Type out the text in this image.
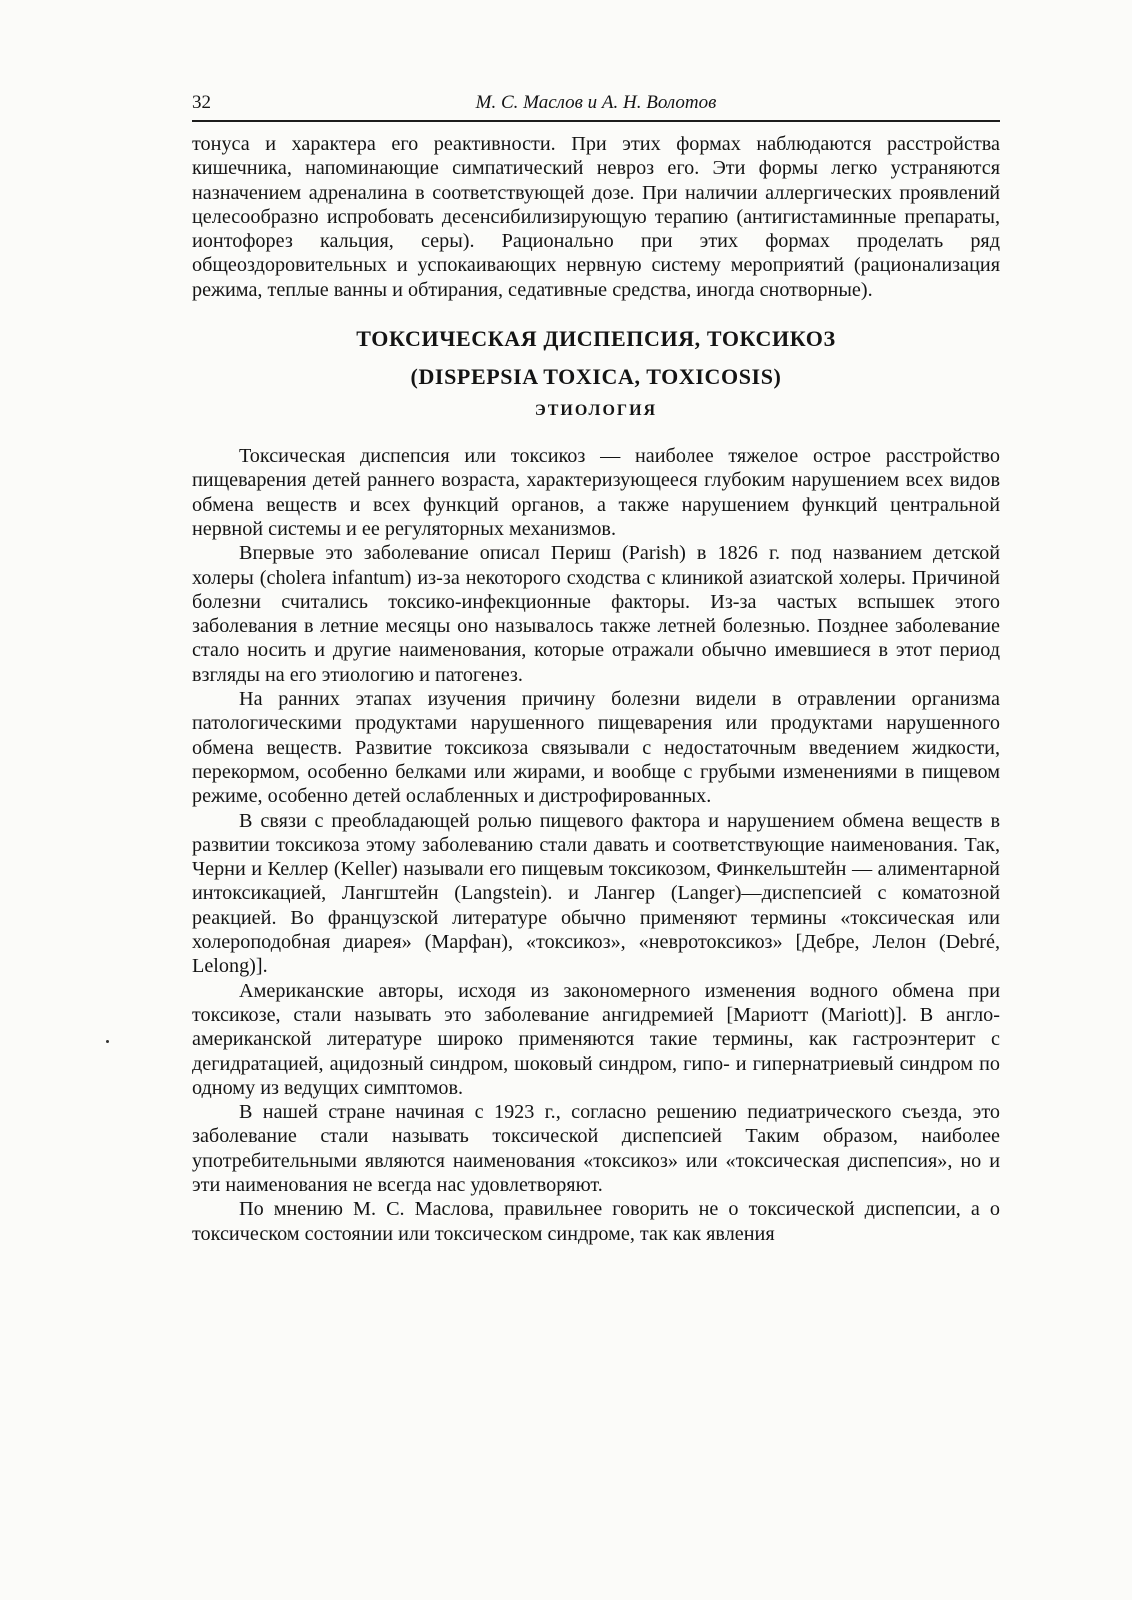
32	М. С. Маслов и А. Н. Волотов

тонуса и характера его реактивности. При этих формах наблюдаются расстройства кишечника, напоминающие симпатический невроз его. Эти формы легко устраняются назначением адреналина в соответствующей дозе. При наличии аллергических проявлений целесообразно испробовать десенсибилизирующую терапию (антигистаминные препараты, ионтофорез кальция, серы). Рационально при этих формах проделать ряд общеоздоровительных и успокаивающих нервную систему мероприятий (рационализация режима, теплые ванны и обтирания, седативные средства, иногда снотворные).

ТОКСИЧЕСКАЯ ДИСПЕПСИЯ, ТОКСИКОЗ
(DISPEPSIA TOXICA, TOXICOSIS)
ЭТИОЛОГИЯ

Токсическая диспепсия или токсикоз — наиболее тяжелое острое расстройство пищеварения детей раннего возраста, характеризующееся глубоким нарушением всех видов обмена веществ и всех функций органов, а также нарушением функций центральной нервной системы и ее регуляторных механизмов.

Впервые это заболевание описал Периш (Parish) в 1826 г. под названием детской холеры (cholera infantum) из-за некоторого сходства с клиникой азиатской холеры. Причиной болезни считались токсико-инфекционные факторы. Из-за частых вспышек этого заболевания в летние месяцы оно называлось также летней болезнью. Позднее заболевание стало носить и другие наименования, которые отражали обычно имевшиеся в этот период взгляды на его этиологию и патогенез.

На ранних этапах изучения причину болезни видели в отравлении организма патологическими продуктами нарушенного пищеварения или продуктами нарушенного обмена веществ. Развитие токсикоза связывали с недостаточным введением жидкости, перекормом, особенно белками или жирами, и вообще с грубыми изменениями в пищевом режиме, особенно детей ослабленных и дистрофированных.

В связи с преобладающей ролью пищевого фактора и нарушением обмена веществ в развитии токсикоза этому заболеванию стали давать и соответствующие наименования. Так, Черни и Келлер (Keller) называли его пищевым токсикозом, Финкельштейн — алиментарной интоксикацией, Лангштейн (Langstein). и Лангер (Langer)—диспепсией с коматозной реакцией. Во французской литературе обычно применяют термины «токсическая или холероподобная диарея» (Марфан), «токсикоз», «невротоксикоз» [Дебре, Лелон (Debré, Lelong)].

Американские авторы, исходя из закономерного изменения водного обмена при токсикозе, стали называть это заболевание ангидремией [Мариотт (Mariott)]. В англо-американской литературе широко применяются такие термины, как гастроэнтерит с дегидратацией, ацидозный синдром, шоковый синдром, гипо- и гипернатриевый синдром по одному из ведущих симптомов.

В нашей стране начиная с 1923 г., согласно решению педиатрического съезда, это заболевание стали называть токсической диспепсией Таким образом, наиболее употребительными являются наименования «токсикоз» или «токсическая диспепсия», но и эти наименования не всегда нас удовлетворяют.

По мнению М. С. Маслова, правильнее говорить не о токсической диспепсии, а о токсическом состоянии или токсическом синдроме, так как явления
